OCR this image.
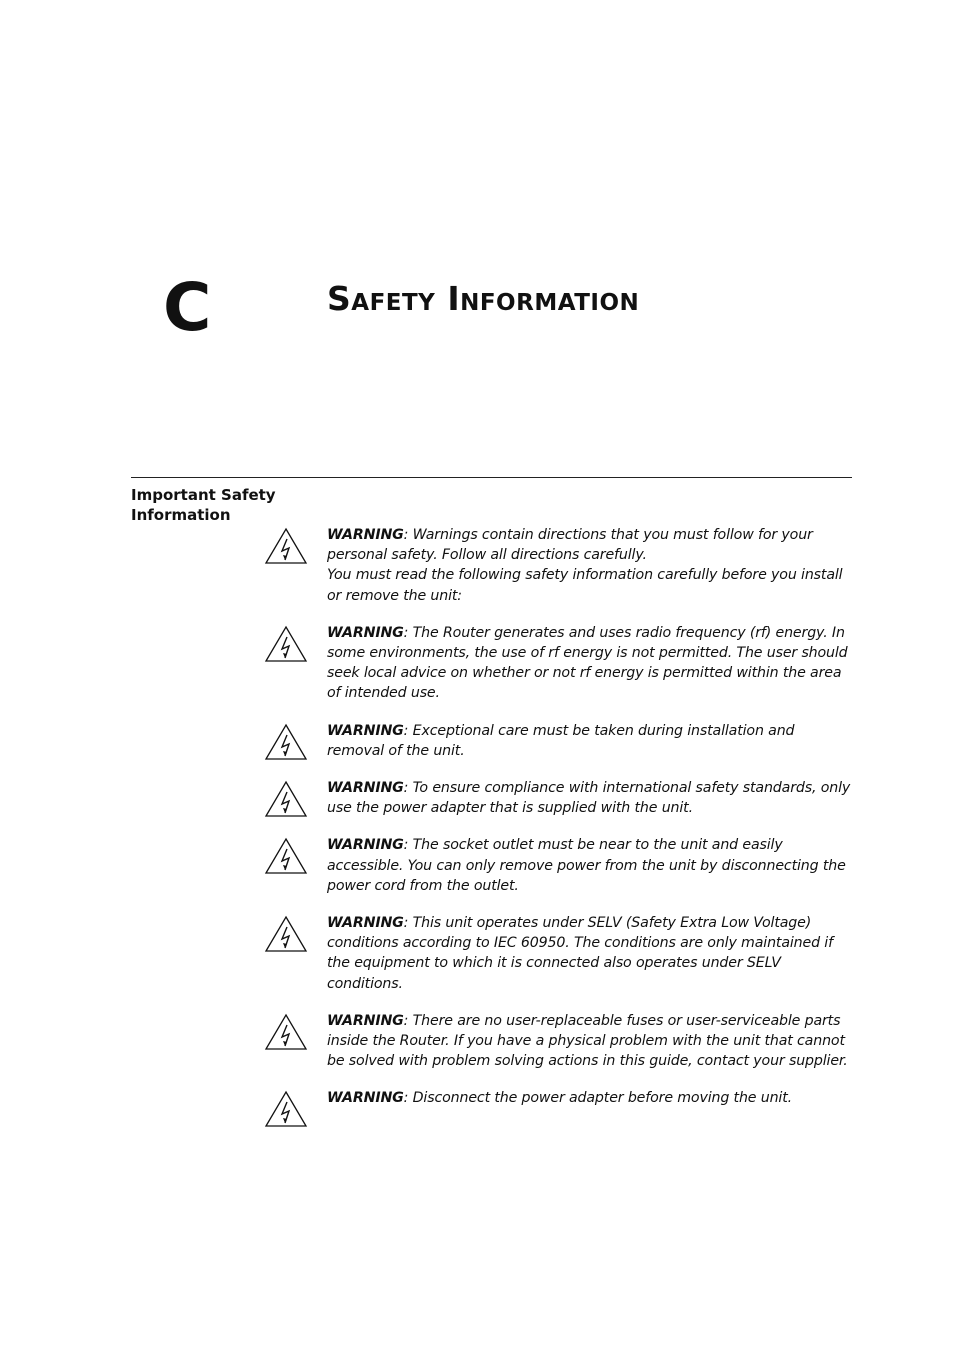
C	Safety Information
Important Safety Information

WARNING: Warnings contain directions that you must follow for your personal safety. Follow all directions carefully.
You must read the following safety information carefully before you install or remove the unit:

WARNING: The Router generates and uses radio frequency (rf) energy. In some environments, the use of rf energy is not permitted. The user should seek local advice on whether or not rf energy is permitted within the area of intended use.

WARNING: Exceptional care must be taken during installation and removal of the unit.

WARNING: To ensure compliance with international safety standards, only use the power adapter that is supplied with the unit.

WARNING: The socket outlet must be near to the unit and easily accessible. You can only remove power from the unit by disconnecting the power cord from the outlet.

WARNING: This unit operates under SELV (Safety Extra Low Voltage) conditions according to IEC 60950. The conditions are only maintained if the equipment to which it is connected also operates under SELV conditions.

WARNING: There are no user-replaceable fuses or user-serviceable parts inside the Router. If you have a physical problem with the unit that cannot be solved with problem solving actions in this guide, contact your supplier.

WARNING: Disconnect the power adapter before moving the unit.
